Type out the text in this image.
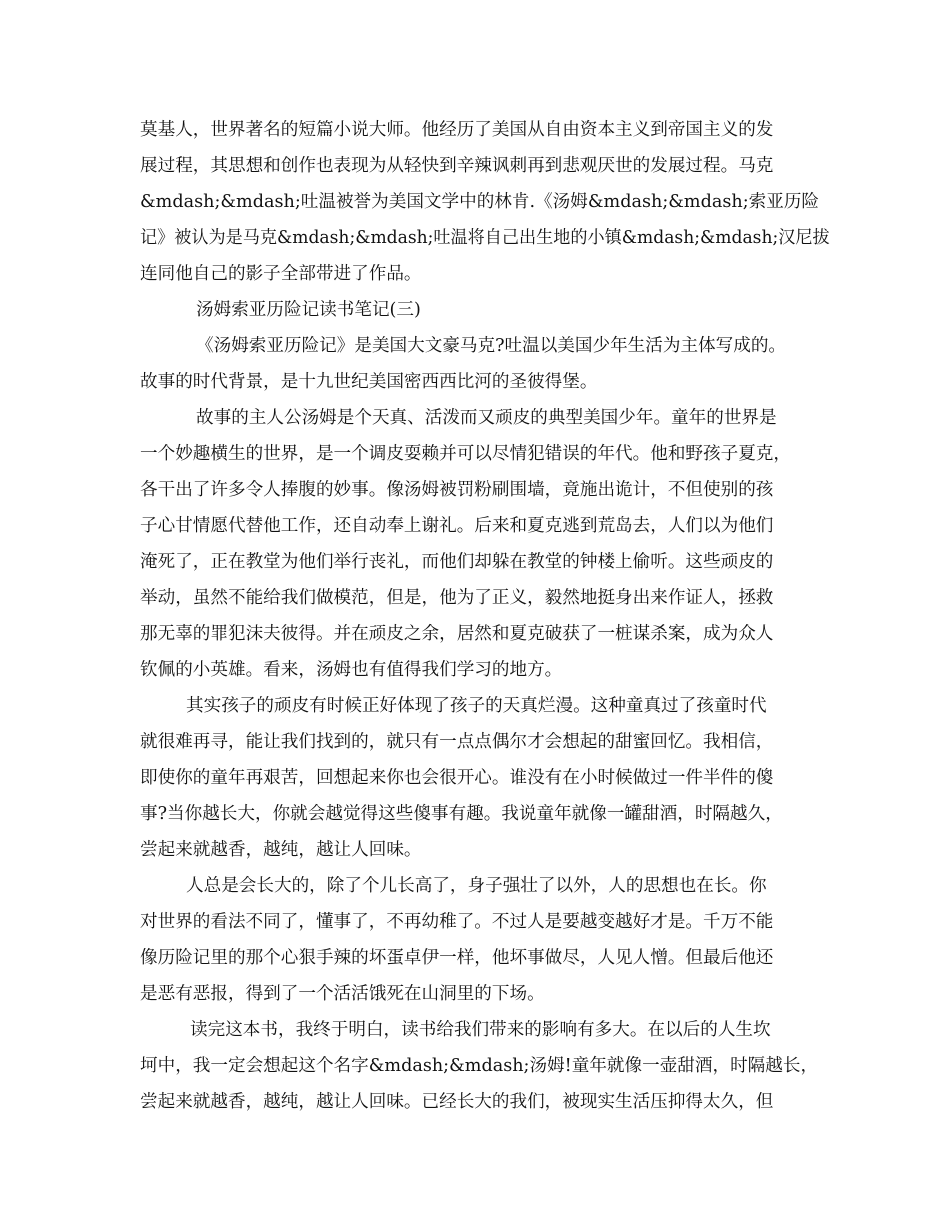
莫基人，世界著名的短篇小说大师。他经历了美国从自由资本主义到帝国主义的发
展过程，其思想和创作也表现为从轻快到辛辣讽刺再到悲观厌世的发展过程。马克
&mdash;&mdash;吐温被誉为美国文学中的林肯.《汤姆&mdash;&mdash;索亚历险
记》被认为是马克&mdash;&mdash;吐温将自己出生地的小镇&mdash;&mdash;汉尼拔
连同他自己的影子全部带进了作品。
汤姆索亚历险记读书笔记(三)
《汤姆索亚历险记》是美国大文豪马克?吐温以美国少年生活为主体写成的。
故事的时代背景，是十九世纪美国密西西比河的圣彼得堡。
故事的主人公汤姆是个天真、活泼而又顽皮的典型美国少年。童年的世界是
一个妙趣横生的世界，是一个调皮耍赖并可以尽情犯错误的年代。他和野孩子夏克，
各干出了许多令人捧腹的妙事。像汤姆被罚粉刷围墙，竟施出诡计，不但使别的孩
子心甘情愿代替他工作，还自动奉上谢礼。后来和夏克逃到荒岛去，人们以为他们
淹死了，正在教堂为他们举行丧礼，而他们却躲在教堂的钟楼上偷听。这些顽皮的
举动，虽然不能给我们做模范，但是，他为了正义，毅然地挺身出来作证人，拯救
那无辜的罪犯沫夫彼得。并在顽皮之余，居然和夏克破获了一桩谋杀案，成为众人
钦佩的小英雄。看来，汤姆也有值得我们学习的地方。
其实孩子的顽皮有时候正好体现了孩子的天真烂漫。这种童真过了孩童时代
就很难再寻，能让我们找到的，就只有一点点偶尔才会想起的甜蜜回忆。我相信，
即使你的童年再艰苦，回想起来你也会很开心。谁没有在小时候做过一件半件的傻
事?当你越长大，你就会越觉得这些傻事有趣。我说童年就像一罐甜酒，时隔越久，
尝起来就越香，越纯，越让人回味。
人总是会长大的，除了个儿长高了，身子强壮了以外，人的思想也在长。你
对世界的看法不同了，懂事了，不再幼稚了。不过人是要越变越好才是。千万不能
像历险记里的那个心狠手辣的坏蛋卓伊一样，他坏事做尽，人见人憎。但最后他还
是恶有恶报，得到了一个活活饿死在山洞里的下场。
读完这本书，我终于明白，读书给我们带来的影响有多大。在以后的人生坎
坷中，我一定会想起这个名字&mdash;&mdash;汤姆!童年就像一壶甜酒，时隔越长，
尝起来就越香，越纯，越让人回味。已经长大的我们，被现实生活压抑得太久，但
